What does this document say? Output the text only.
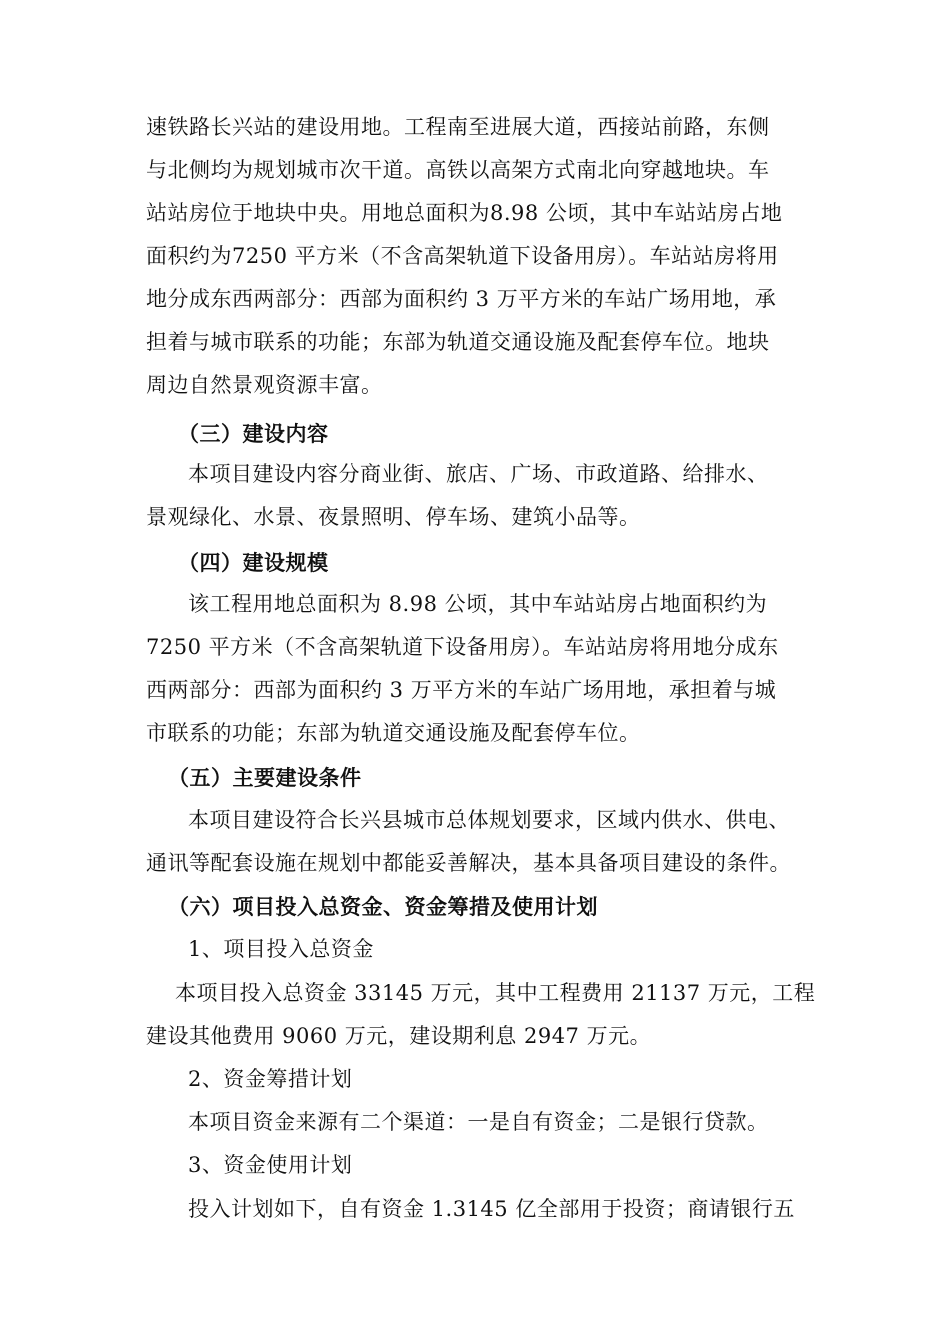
速铁路长兴站的建设用地。工程南至进展大道，西接站前路，东侧
与北侧均为规划城市次干道。高铁以高架方式南北向穿越地块。车
站站房位于地块中央。用地总面积为8.98 公顷，其中车站站房占地
面积约为7250 平方米（不含高架轨道下设备用房）。车站站房将用
地分成东西两部分：西部为面积约 3 万平方米的车站广场用地，承
担着与城市联系的功能；东部为轨道交通设施及配套停车位。地块
周边自然景观资源丰富。
（三）建设内容
本项目建设内容分商业街、旅店、广场、市政道路、给排水、
景观绿化、水景、夜景照明、停车场、建筑小品等。
（四）建设规模
该工程用地总面积为 8.98 公顷，其中车站站房占地面积约为
7250 平方米（不含高架轨道下设备用房）。车站站房将用地分成东
西两部分：西部为面积约 3 万平方米的车站广场用地，承担着与城
市联系的功能；东部为轨道交通设施及配套停车位。
（五）主要建设条件
本项目建设符合长兴县城市总体规划要求，区域内供水、供电、
通讯等配套设施在规划中都能妥善解决，基本具备项目建设的条件。
（六）项目投入总资金、资金筹措及使用计划
1、项目投入总资金
本项目投入总资金 33145 万元，其中工程费用 21137 万元，工程
建设其他费用 9060 万元，建设期利息 2947 万元。
2、资金筹措计划
本项目资金来源有二个渠道：一是自有资金；二是银行贷款。
3、资金使用计划
投入计划如下，自有资金 1.3145 亿全部用于投资；商请银行五
